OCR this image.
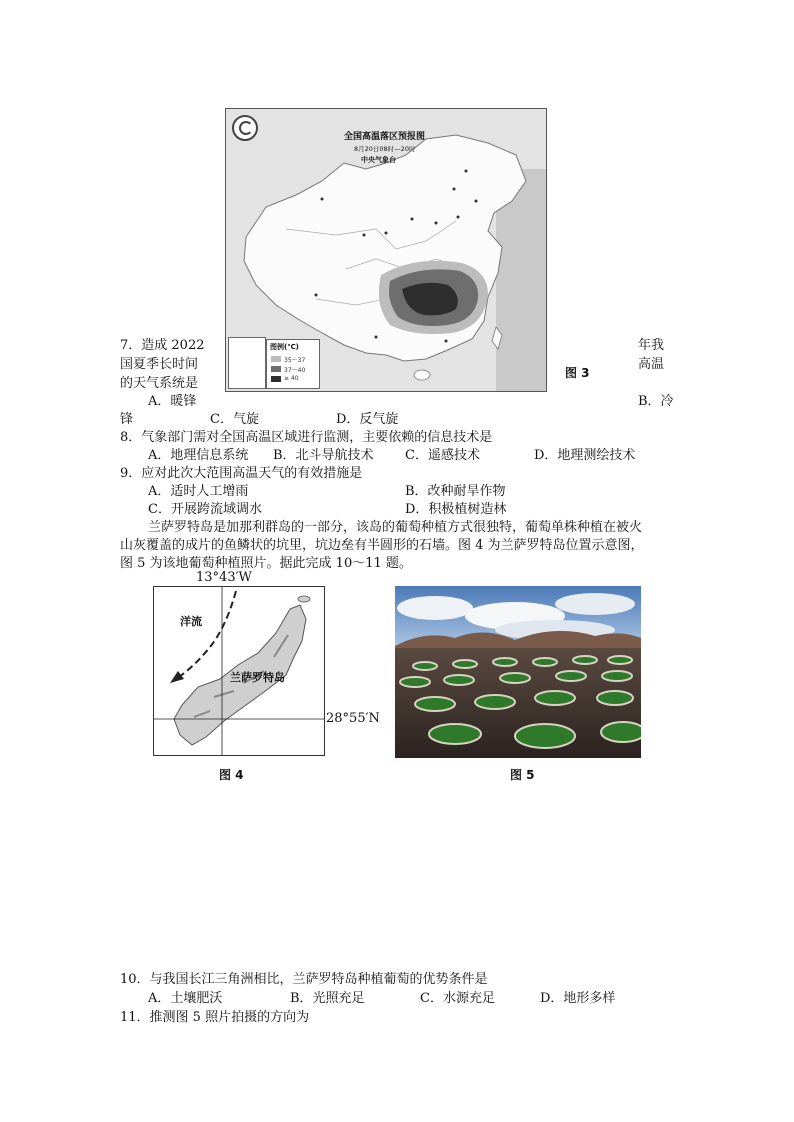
全国高温落区预报图
8月20日08时—20时
中央气象台
图例(℃)
35～37
37～40
≥ 40	图 3
7．造成 2022	年我
国夏季长时间	高温
的天气系统是
A．暖锋	B．冷
锋	C．气旋	D．反气旋
8．气象部门需对全国高温区域进行监测，主要依赖的信息技术是
A．地理信息系统 B．北斗导航技术 C．遥感技术	D．地理测绘技术
9．应对此次大范围高温天气的有效措施是
A．适时人工增雨	B．改种耐旱作物
C．开展跨流域调水	D．积极植树造林
兰萨罗特岛是加那利群岛的一部分，该岛的葡萄种植方式很独特，葡萄单株种植在被火
山灰覆盖的成片的鱼鳞状的坑里，坑边垒有半圆形的石墙。图 4 为兰萨罗特岛位置示意图，
图 5 为该地葡萄种植照片。据此完成 10～11 题。
13°43′W
洋流
兰萨罗特岛
28°55′N
图 4	图 5
10．与我国长江三角洲相比，兰萨罗特岛种植葡萄的优势条件是
A．土壤肥沃	B．光照充足	C．水源充足	D．地形多样
11．推测图 5 照片拍摄的方向为
